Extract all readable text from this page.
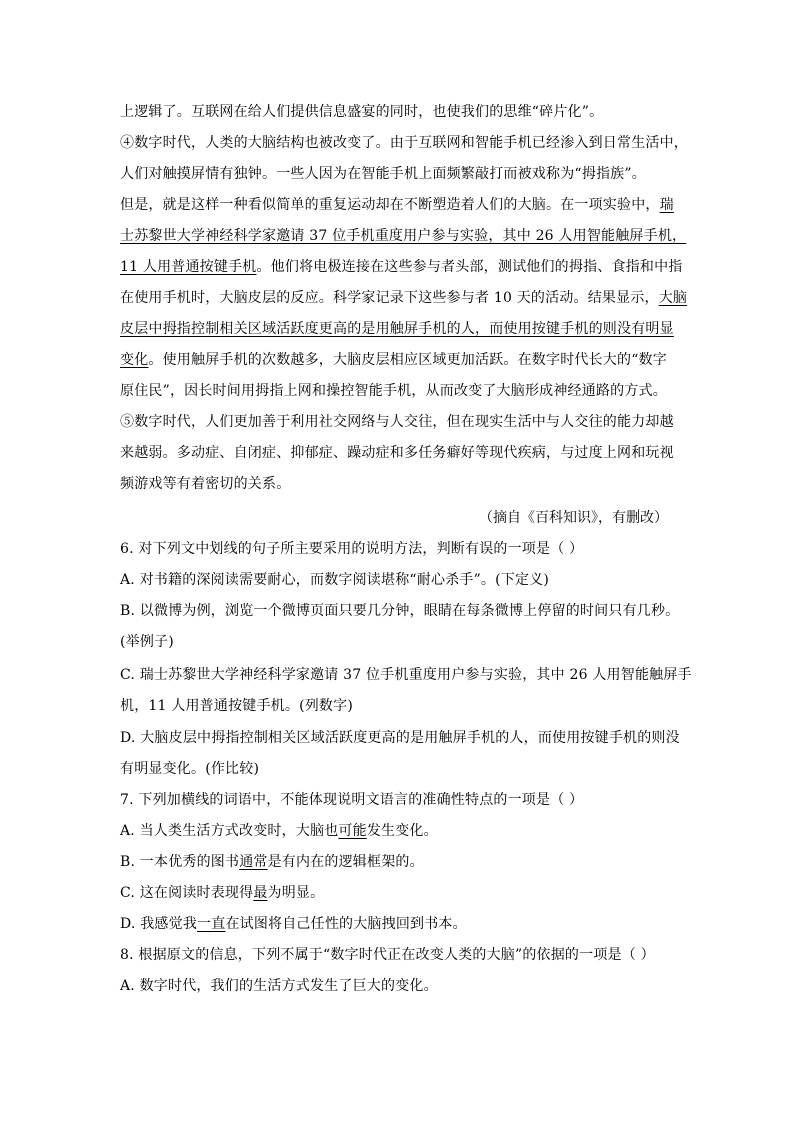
上逻辑了。互联网在给人们提供信息盛宴的同时，也使我们的思维“碎片化”。
④数字时代，人类的大脑结构也被改变了。由于互联网和智能手机已经渗入到日常生活中，
人们对触摸屏情有独钟。一些人因为在智能手机上面频繁敲打而被戏称为“拇指族”。
但是，就是这样一种看似简单的重复运动却在不断塑造着人们的大脑。在一项实验中，瑞
士苏黎世大学神经科学家邀请 37 位手机重度用户参与实验，其中 26 人用智能触屏手机，
11 人用普通按键手机。他们将电极连接在这些参与者头部，测试他们的拇指、食指和中指
在使用手机时，大脑皮层的反应。科学家记录下这些参与者 10 天的活动。结果显示，大脑
皮层中拇指控制相关区域活跃度更高的是用触屏手机的人，而使用按键手机的则没有明显
变化。使用触屏手机的次数越多，大脑皮层相应区域更加活跃。在数字时代长大的“数字
原住民”，因长时间用拇指上网和操控智能手机，从而改变了大脑形成神经通路的方式。
⑤数字时代，人们更加善于利用社交网络与人交往，但在现实生活中与人交往的能力却越
来越弱。多动症、自闭症、抑郁症、躁动症和多任务癖好等现代疾病，与过度上网和玩视
频游戏等有着密切的关系。
（摘自《百科知识》，有删改）
6. 对下列文中划线的句子所主要采用的说明方法，判断有误的一项是（ ）
A. 对书籍的深阅读需要耐心，而数字阅读堪称“耐心杀手”。(下定义)
B. 以微博为例，浏览一个微博页面只要几分钟，眼睛在每条微博上停留的时间只有几秒。
(举例子)
C. 瑞士苏黎世大学神经科学家邀请 37 位手机重度用户参与实验，其中 26 人用智能触屏手
机，11 人用普通按键手机。(列数字)
D. 大脑皮层中拇指控制相关区域活跃度更高的是用触屏手机的人，而使用按键手机的则没
有明显变化。(作比较)
7. 下列加横线的词语中，不能体现说明文语言的准确性特点的一项是（ ）
A. 当人类生活方式改变时，大脑也可能发生变化。
B. 一本优秀的图书通常是有内在的逻辑框架的。
C. 这在阅读时表现得最为明显。
D. 我感觉我一直在试图将自己任性的大脑拽回到书本。
8. 根据原文的信息，下列不属于“数字时代正在改变人类的大脑”的依据的一项是（ ）
A. 数字时代，我们的生活方式发生了巨大的变化。
